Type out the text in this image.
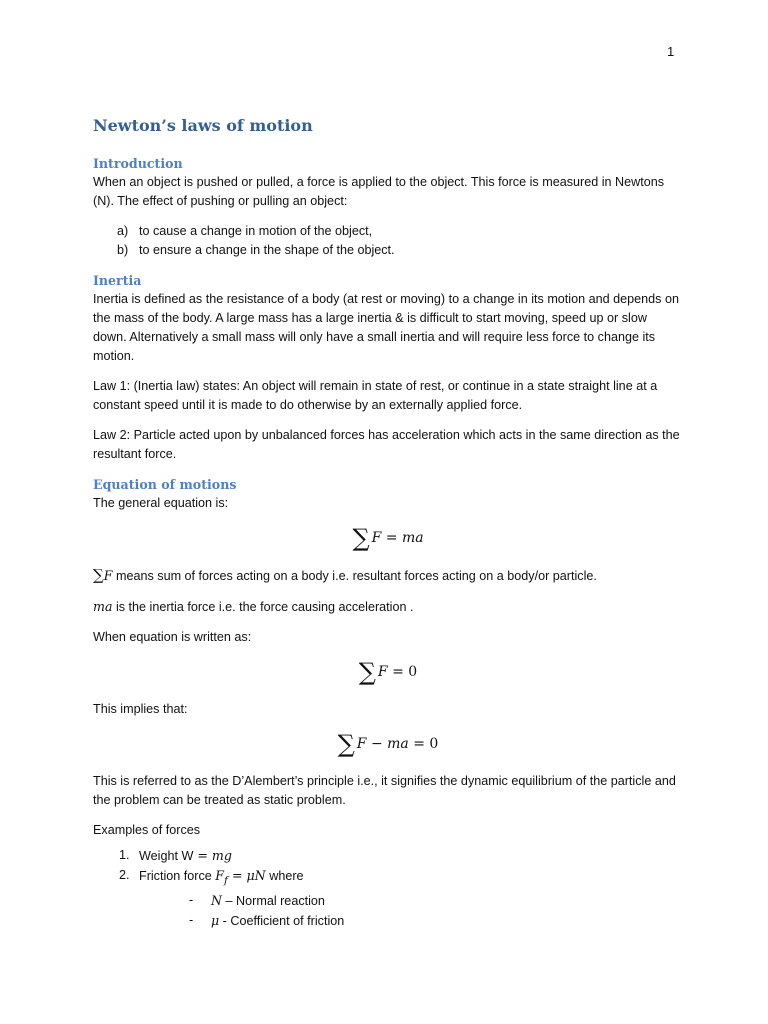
1
Newton’s laws of motion
Introduction

When an object is pushed or pulled, a force is applied to the object. This force is measured in Newtons (N). The effect of pushing or pulling an object:

a) to cause a change in motion of the object,
b) to ensure a change in the shape of the object.
Inertia

Inertia is defined as the resistance of a body (at rest or moving) to a change in its motion and depends on the mass of the body. A large mass has a large inertia & is difficult to start moving, speed up or slow down. Alternatively a small mass will only have a small inertia and will require less force to change its motion.

Law 1: (Inertia law) states: An object will remain in state of rest, or continue in a state straight line at a constant speed until it is made to do otherwise by an externally applied force.

Law 2: Particle acted upon by unbalanced forces has acceleration which acts in the same direction as the resultant force.

Equation of motions

The general equation is:

∑ F = ma

∑F means sum of forces acting on a body i.e. resultant forces acting on a body/or particle.

ma is the inertia force i.e. the force causing acceleration .

When equation is written as:

∑ F = 0

This implies that:

∑ F − ma = 0

This is referred to as the D’Alembert’s principle i.e., it signifies the dynamic equilibrium of the particle and the problem can be treated as static problem.

Examples of forces

1. Weight W = mg
2. Friction force $F_f = \mu N$ where
- N – Normal reaction
- μ - Coefficient of friction
